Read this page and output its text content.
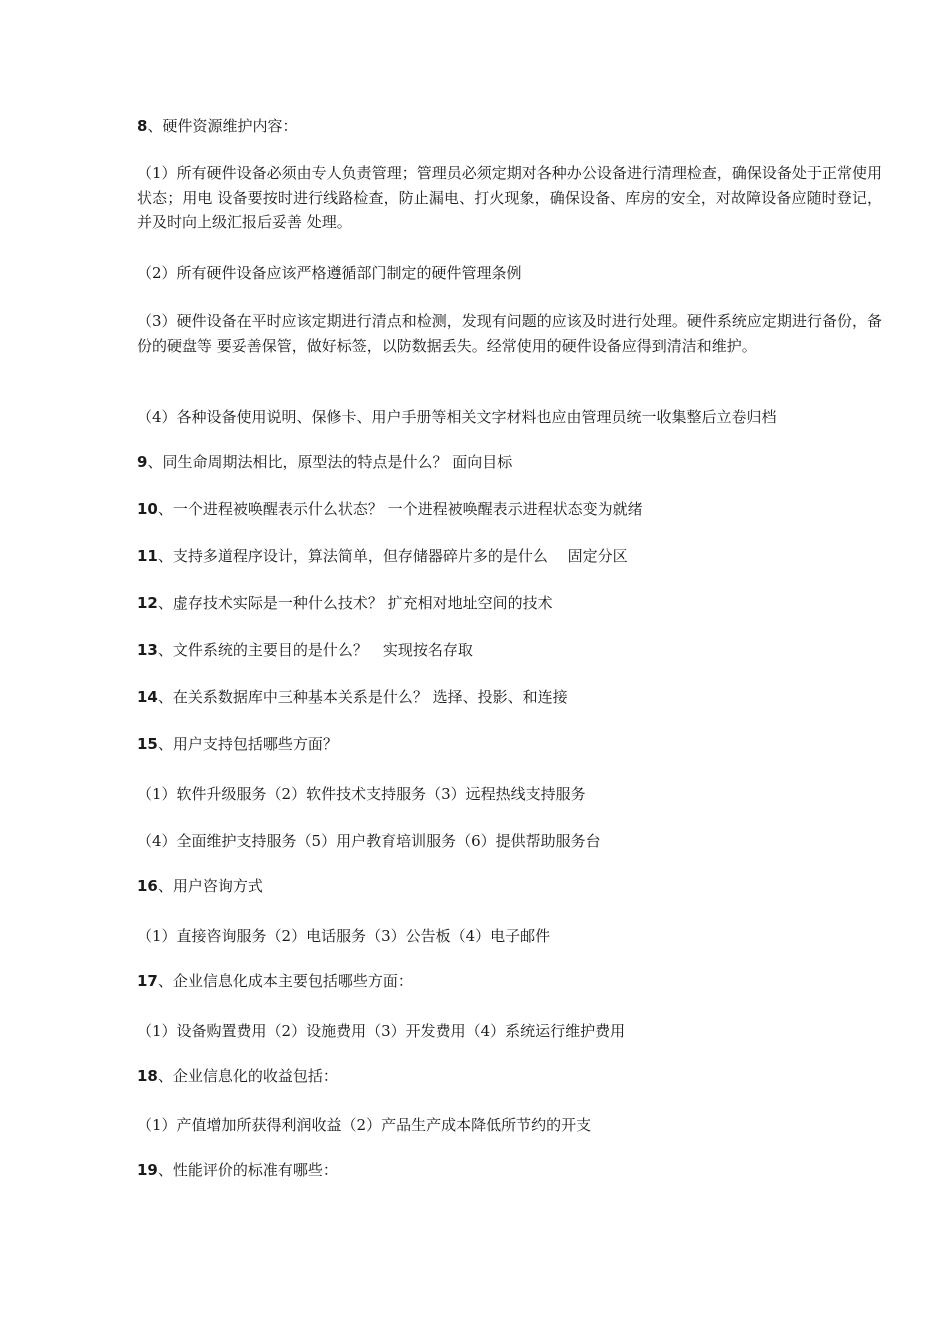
8、硬件资源维护内容：
（1）所有硬件设备必须由专人负责管理；管理员必须定期对各种办公设备进行清理检查，确保设备处于正常使用状态；用电 设备要按时进行线路检查，防止漏电、打火现象，确保设备、库房的安全，对故障设备应随时登记，并及时向上级汇报后妥善 处理。
（2）所有硬件设备应该严格遵循部门制定的硬件管理条例
（3）硬件设备在平时应该定期进行清点和检测，发现有问题的应该及时进行处理。硬件系统应定期进行备份，备份的硬盘等 要妥善保管，做好标签，以防数据丢失。经常使用的硬件设备应得到清洁和维护。
（4）各种设备使用说明、保修卡、用户手册等相关文字材料也应由管理员统一收集整后立卷归档
9、同生命周期法相比，原型法的特点是什么？ 面向目标
10、一个进程被唤醒表示什么状态？ 一个进程被唤醒表示进程状态变为就绪
11、支持多道程序设计，算法简单，但存储器碎片多的是什么　 固定分区
12、虚存技术实际是一种什么技术？ 扩充相对地址空间的技术
13、文件系统的主要目的是什么？　实现按名存取
14、在关系数据库中三种基本关系是什么？ 选择、投影、和连接
15、用户支持包括哪些方面？
（1）软件升级服务（2）软件技术支持服务（3）远程热线支持服务
（4）全面维护支持服务（5）用户教育培训服务（6）提供帮助服务台
16、用户咨询方式
（1）直接咨询服务（2）电话服务（3）公告板（4）电子邮件
17、企业信息化成本主要包括哪些方面：
（1）设备购置费用（2）设施费用（3）开发费用（4）系统运行维护费用
18、企业信息化的收益包括：
（1）产值增加所获得利润收益（2）产品生产成本降低所节约的开支
19、性能评价的标准有哪些：
